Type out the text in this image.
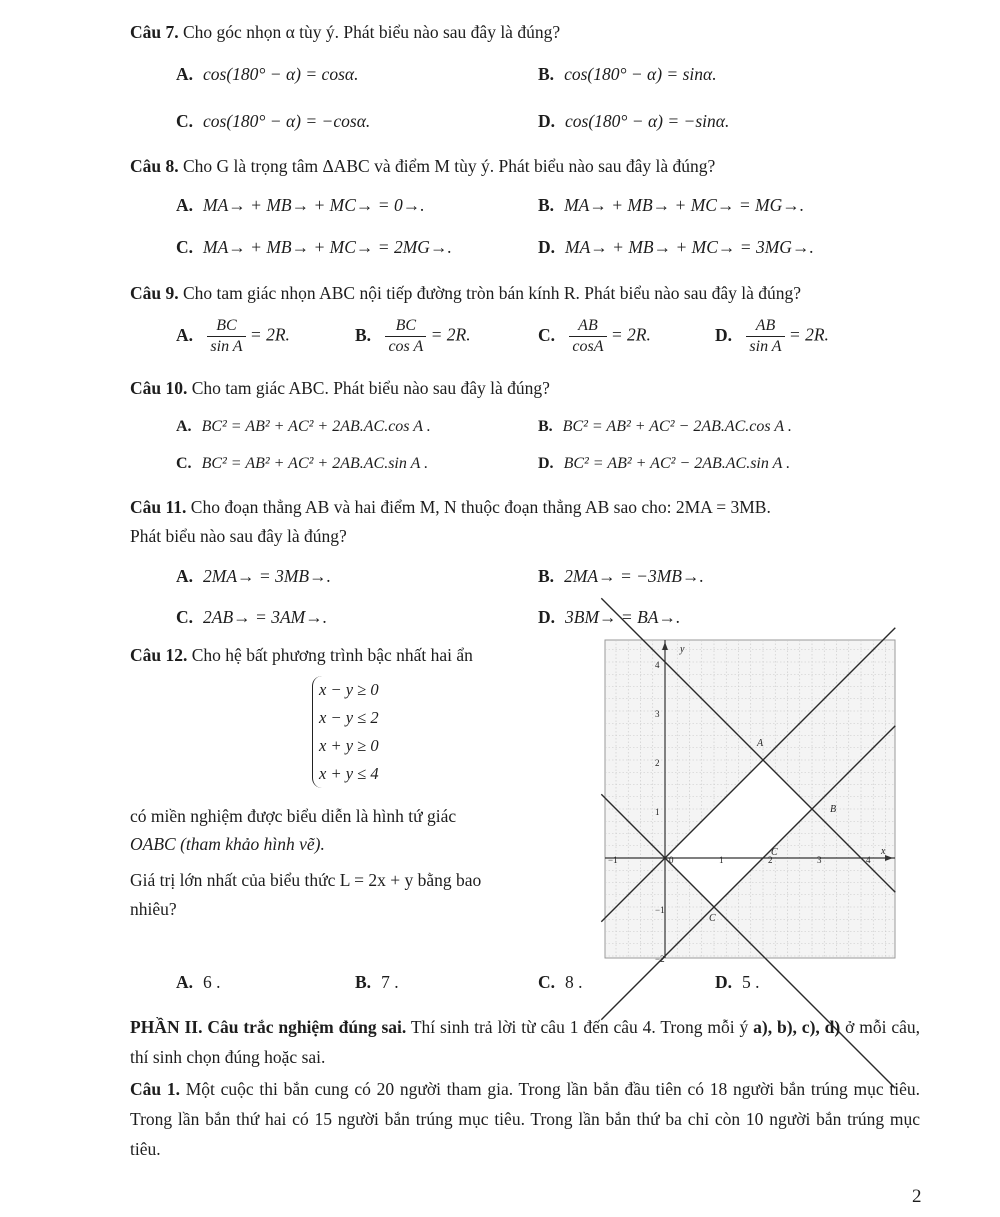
Câu 7. Cho góc nhọn α tùy ý. Phát biểu nào sau đây là đúng?
A. cos(180° − α) = cosα.	B. cos(180° − α) = sinα.
C. cos(180° − α) = −cosα.	D. cos(180° − α) = −sinα.
Câu 8. Cho G là trọng tâm ΔABC và điểm M tùy ý. Phát biểu nào sau đây là đúng?
A. MA→ + MB→ + MC→ = 0→.	B. MA→ + MB→ + MC→ = MG→.
C. MA→ + MB→ + MC→ = 2MG→.	D. MA→ + MB→ + MC→ = 3MG→.
Câu 9. Cho tam giác nhọn ABC nội tiếp đường tròn bán kính R. Phát biểu nào sau đây là đúng?
A. $\frac{BC}{\text{sin A}} = 2R$.	B. $\frac{BC}{\text{cos A}} = 2R$.	C. $\frac{AB}{\cos A} = 2R$.	D. $\frac{AB}{\text{sin A}} = 2R$.
Câu 10. Cho tam giác ABC. Phát biểu nào sau đây là đúng?
A. BC² = AB² + AC² + 2AB.AC.cos A .	B. BC² = AB² + AC² − 2AB.AC.cos A .
C. BC² = AB² + AC² + 2AB.AC.sin A .	D. BC² = AB² + AC² − 2AB.AC.sin A .
Câu 11. Cho đoạn thẳng AB và hai điểm M, N thuộc đoạn thẳng AB sao cho: 2MA = 3MB.
Phát biểu nào sau đây là đúng?
A. 2MA→ = 3MB→.	B. 2MA→ = −3MB→.
C. 2AB→ = 3AM→.	D. 3BM→ = BA→.
Câu 12. Cho hệ bất phương trình bậc nhất hai ẩn
x − y ≥ 0
x − y ≤ 2
x + y ≥ 0
x + y ≤ 4
có miền nghiệm được biểu diễn là hình tứ giác
OABC (tham khảo hình vẽ).
Giá trị lớn nhất của biểu thức L = 2x + y bằng bao
nhiêu?
−1	0	1	2	3	4
4
3
2
1
−1
−2
x
y
A
B
C
C
A. 6 .	B. 7 .	C. 8 .	D. 5 .
PHẦN II. Câu trắc nghiệm đúng sai. Thí sinh trả lời từ câu 1 đến câu 4. Trong mỗi ý a), b), c), d) ở mỗi câu, thí sinh chọn đúng hoặc sai.
Câu 1. Một cuộc thi bắn cung có 20 người tham gia. Trong lần bắn đầu tiên có 18 người bắn trúng mục tiêu. Trong lần bắn thứ hai có 15 người bắn trúng mục tiêu. Trong lần bắn thứ ba chỉ còn 10 người bắn trúng mục tiêu.
2
